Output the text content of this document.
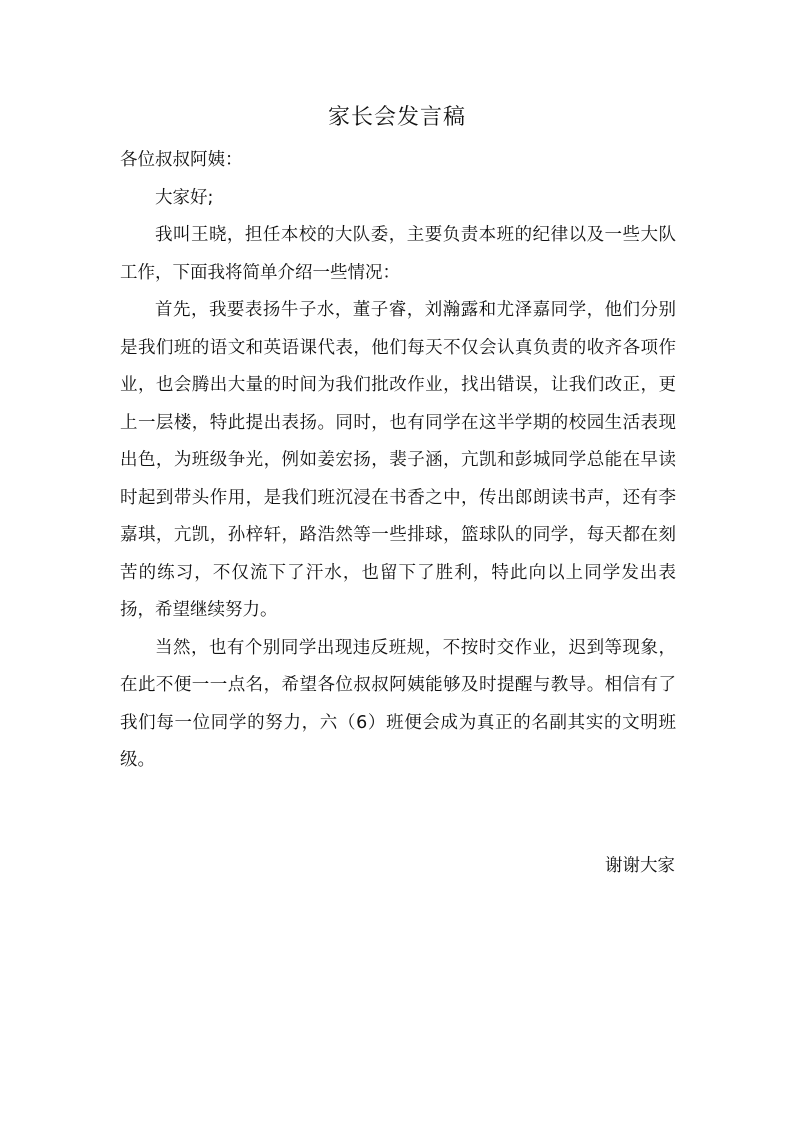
家长会发言稿
各位叔叔阿姨：

大家好;

我叫王晓，担任本校的大队委，主要负责本班的纪律以及一些大队工作，下面我将简单介绍一些情况：

首先，我要表扬牛子水，董子睿，刘瀚露和尤泽嘉同学，他们分别是我们班的语文和英语课代表，他们每天不仅会认真负责的收齐各项作业，也会腾出大量的时间为我们批改作业，找出错误，让我们改正，更上一层楼，特此提出表扬。同时，也有同学在这半学期的校园生活表现出色，为班级争光，例如姜宏扬，裴子涵，亢凯和彭城同学总能在早读时起到带头作用，是我们班沉浸在书香之中，传出郎朗读书声，还有李嘉琪，亢凯，孙梓轩，路浩然等一些排球，篮球队的同学，每天都在刻苦的练习，不仅流下了汗水，也留下了胜利，特此向以上同学发出表扬，希望继续努力。

当然，也有个别同学出现违反班规，不按时交作业，迟到等现象，在此不便一一点名，希望各位叔叔阿姨能够及时提醒与教导。相信有了我们每一位同学的努力，六（6）班便会成为真正的名副其实的文明班级。

谢谢大家
